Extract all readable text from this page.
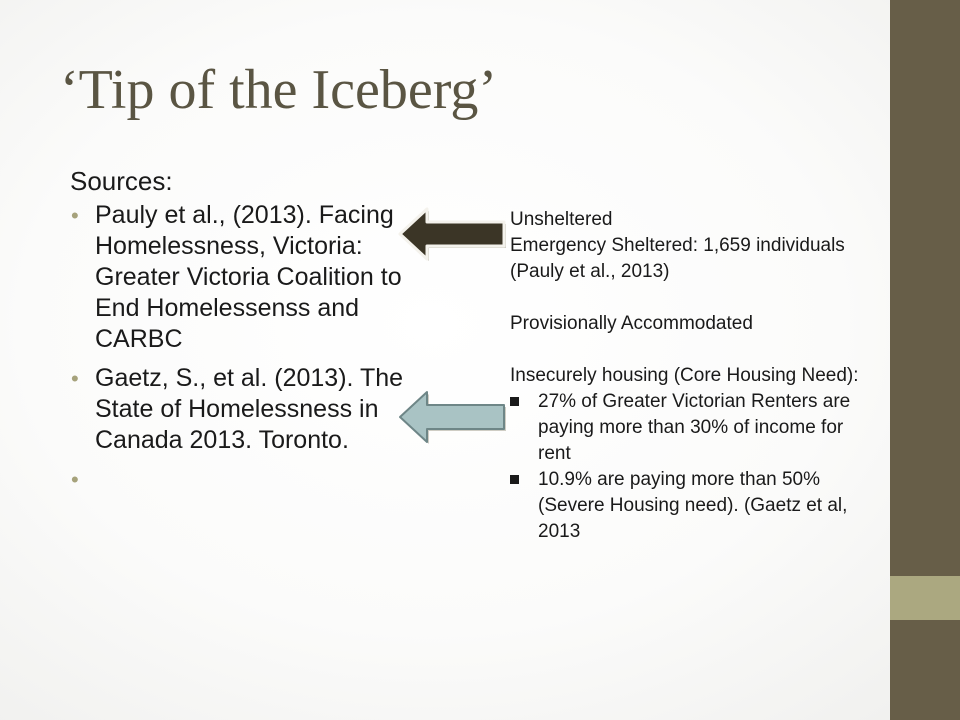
‘Tip of the Iceberg’

Sources:

• Pauly et al., (2013). Facing Homelessness, Victoria: Greater Victoria Coalition to End Homelessenss and CARBC
• Gaetz, S., et al. (2013). The State of Homelessness in Canada 2013. Toronto.
•

Unsheltered

Emergency Sheltered: 1,659 individuals (Pauly et al., 2013)

Provisionally Accommodated

Insecurely housing (Core Housing Need):

27% of Greater Victorian Renters are paying more than 30% of income for rent
10.9% are paying more than 50% (Severe Housing need). (Gaetz et al, 2013
